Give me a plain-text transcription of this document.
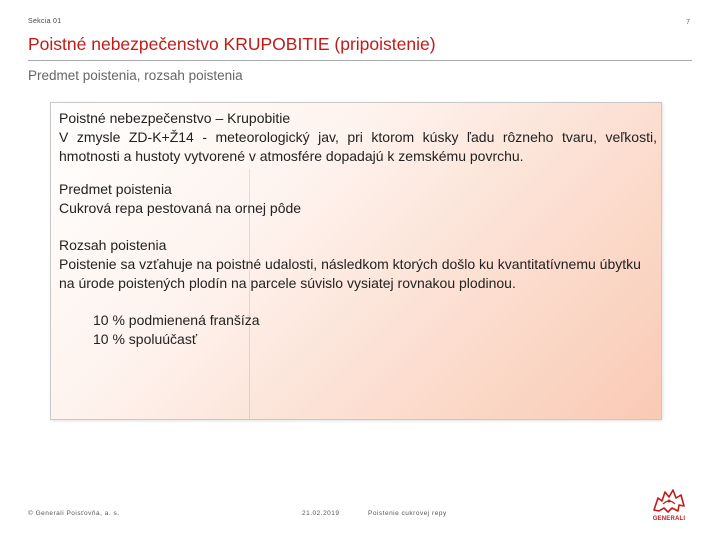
Sekcia 01	7
Poistné nebezpečenstvo KRUPOBITIE (pripoistenie)
Predmet poistenia, rozsah poistenia
Poistné nebezpečenstvo – Krupobitie
V zmysle ZD-K+Ž14 - meteorologický jav, pri ktorom kúsky ľadu rôzneho tvaru, veľkosti, hmotnosti a hustoty vytvorené v atmosfére dopadajú k zemskému povrchu.
Predmet poistenia
Cukrová repa pestovaná na ornej pôde
Rozsah poistenia
Poistenie sa vzťahuje na poistné udalosti, následkom ktorých došlo ku kvantitatívnemu úbytku na úrode poistených plodín na parcele súvislo vysiatej rovnakou plodinou.
10 % podmienená franšíza
10 % spoluúčasť
© Generali Poisťovňa, a. s.	21.02.2019	Poistenie cukrovej repy
GENERALI
